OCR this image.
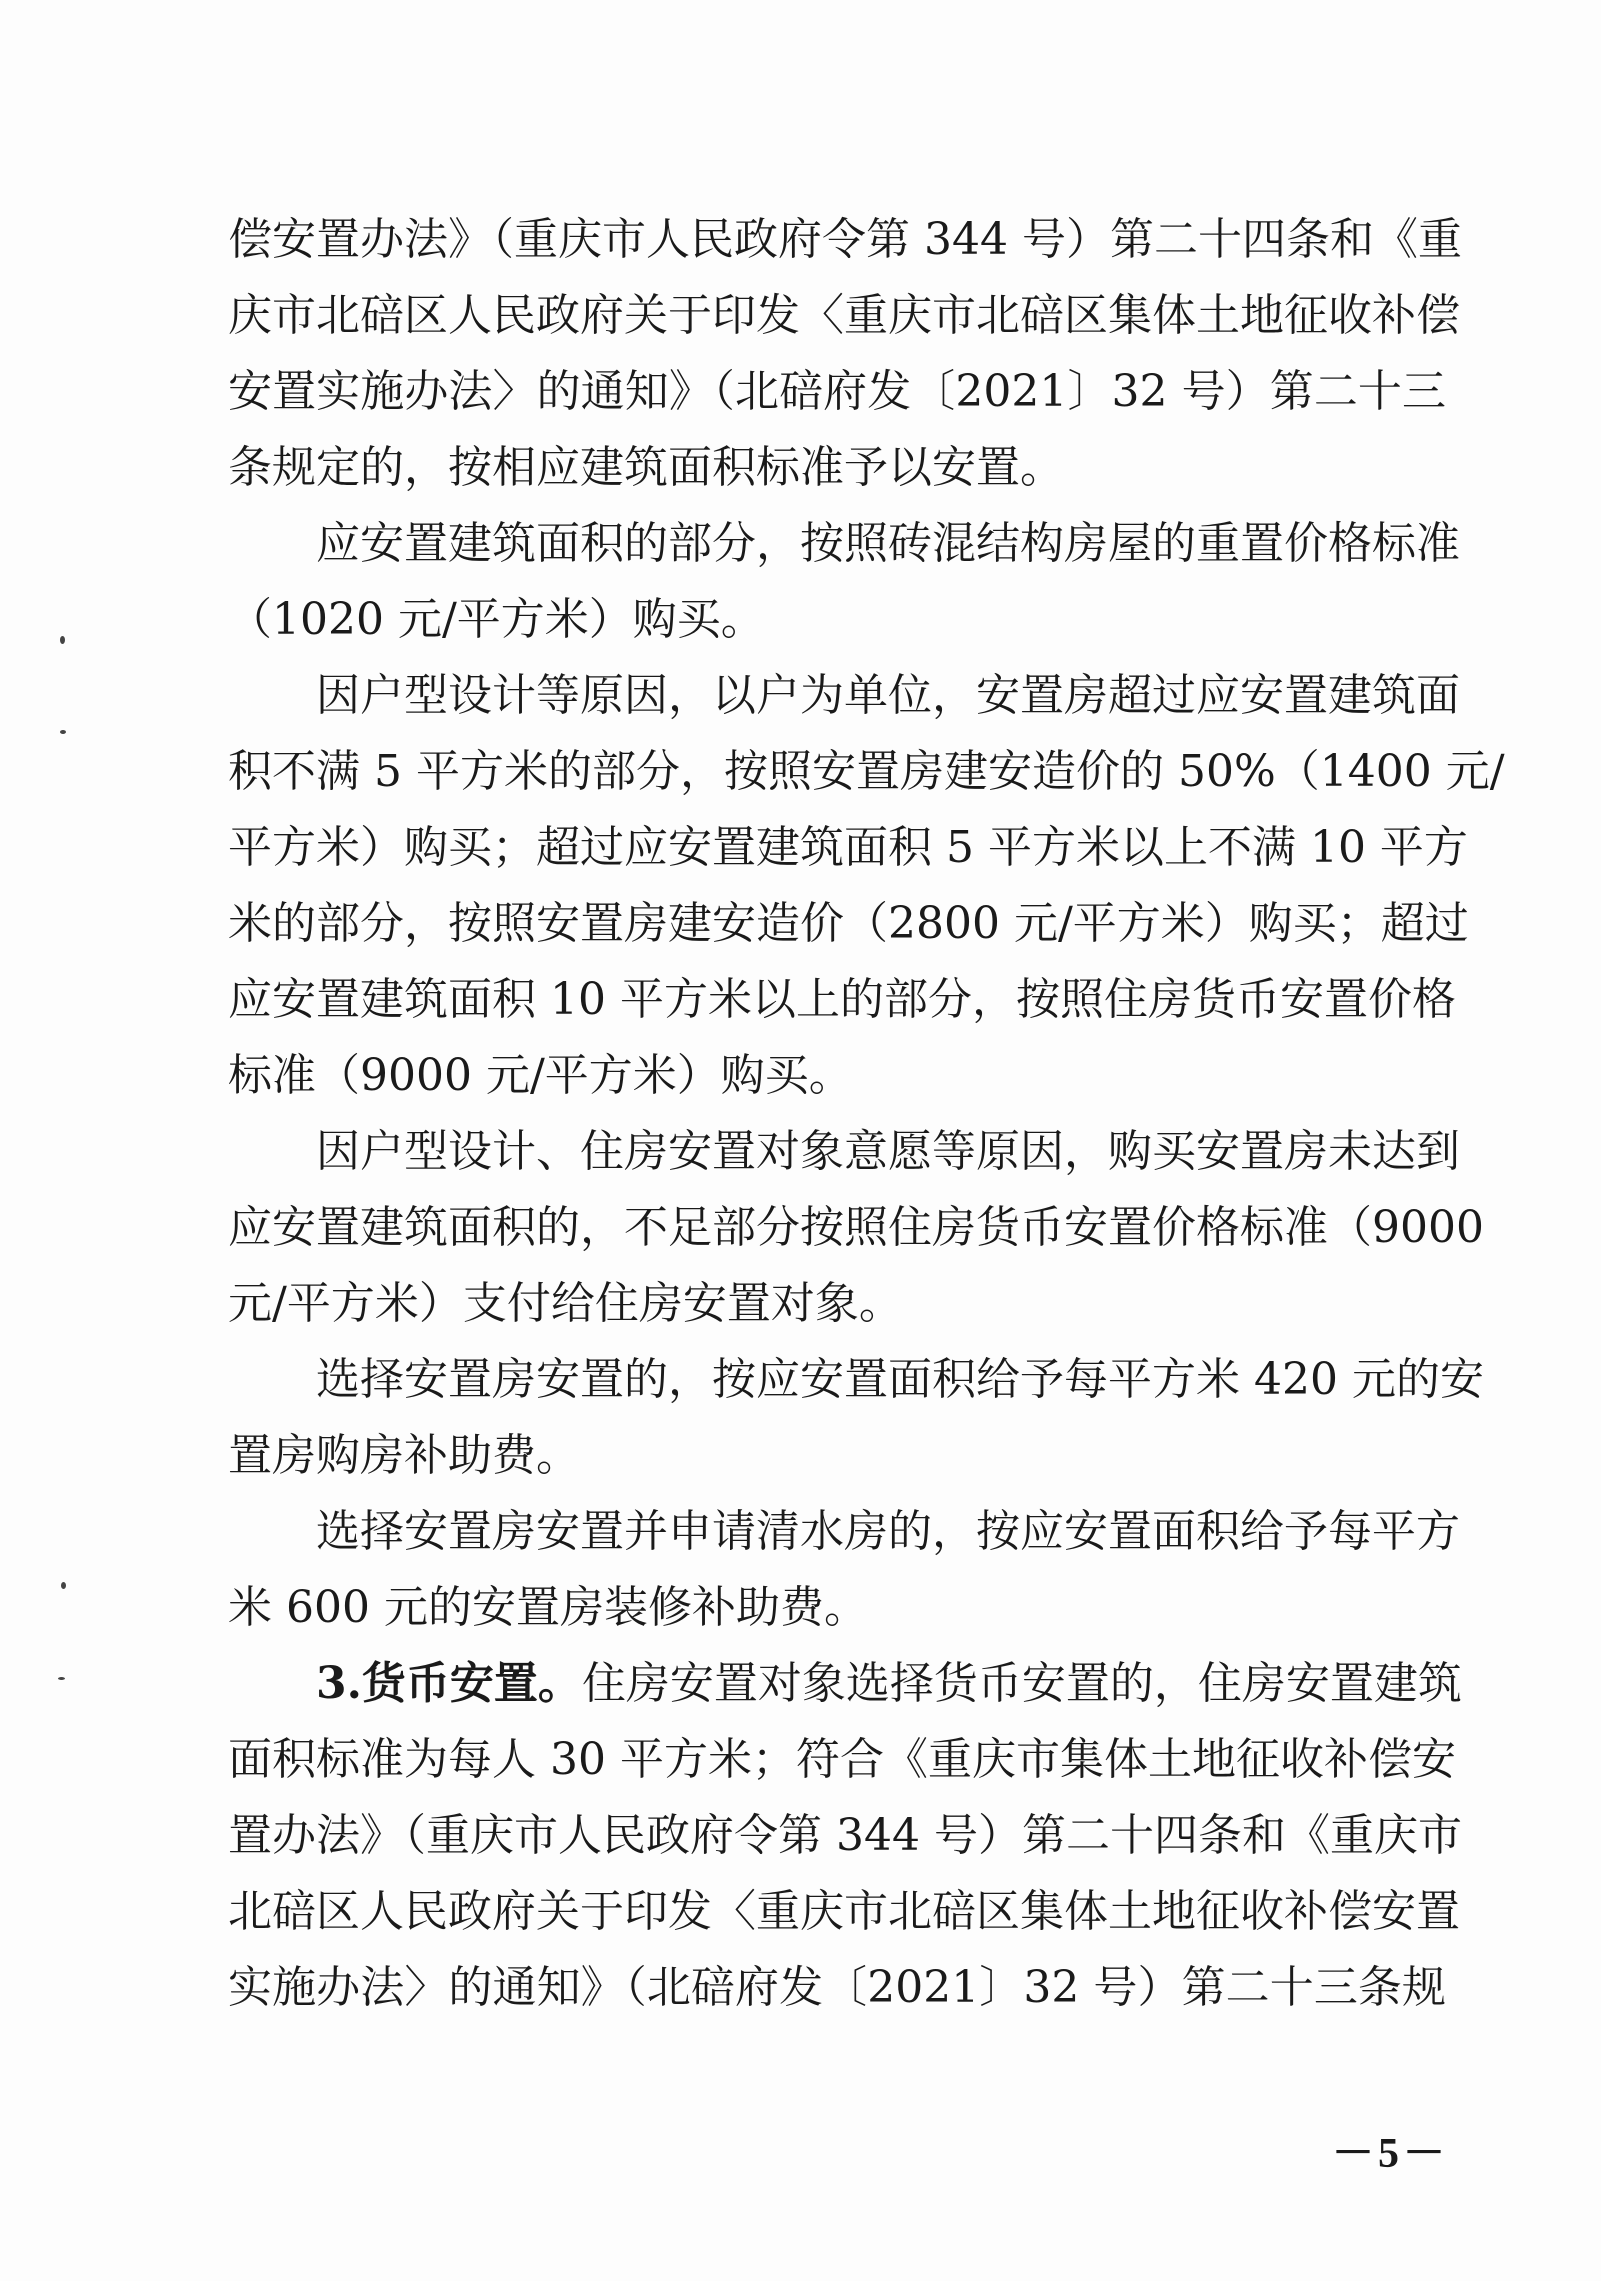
偿安置办法》（重庆市人民政府令第 344 号）第二十四条和《重
庆市北碚区人民政府关于印发〈重庆市北碚区集体土地征收补偿
安置实施办法〉的通知》（北碚府发〔2021〕32 号）第二十三
条规定的，按相应建筑面积标准予以安置。
应安置建筑面积的部分，按照砖混结构房屋的重置价格标准
（1020 元/平方米）购买。
因户型设计等原因，以户为单位，安置房超过应安置建筑面
积不满 5 平方米的部分，按照安置房建安造价的 50%（1400 元/
平方米）购买；超过应安置建筑面积 5 平方米以上不满 10 平方
米的部分，按照安置房建安造价（2800 元/平方米）购买；超过
应安置建筑面积 10 平方米以上的部分，按照住房货币安置价格
标准（9000 元/平方米）购买。
因户型设计、住房安置对象意愿等原因，购买安置房未达到
应安置建筑面积的，不足部分按照住房货币安置价格标准（9000
元/平方米）支付给住房安置对象。
选择安置房安置的，按应安置面积给予每平方米 420 元的安
置房购房补助费。
选择安置房安置并申请清水房的，按应安置面积给予每平方
米 600 元的安置房装修补助费。
3.货币安置。住房安置对象选择货币安置的，住房安置建筑
面积标准为每人 30 平方米；符合《重庆市集体土地征收补偿安
置办法》（重庆市人民政府令第 344 号）第二十四条和《重庆市
北碚区人民政府关于印发〈重庆市北碚区集体土地征收补偿安置
实施办法〉的通知》（北碚府发〔2021〕32 号）第二十三条规
－5－
